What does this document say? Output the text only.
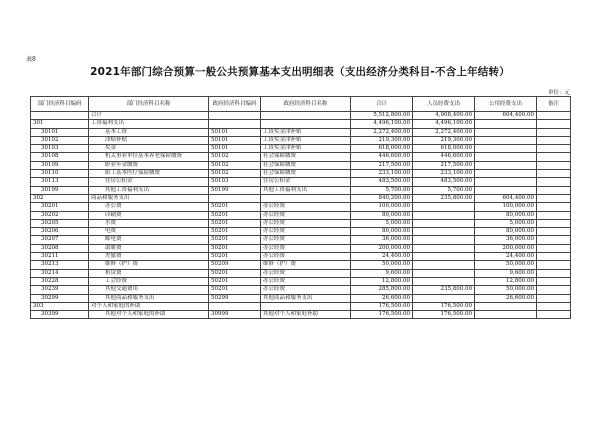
表8
2021年部门综合预算一般公共预算基本支出明细表（支出经济分类科目-不含上年结转）
单位：元
部门经济科目编码	部门经济科目名称	政府经济科目编码	政府经济科目名称	合计	人员经费支出	公用经费支出	备注
	合计			5,512,800.00	4,908,400.00	604,400.00	
301	工资福利支出			4,496,100.00	4,496,100.00		
30101	基本工资	50101	工资奖金津补贴	2,272,400.00	2,272,400.00		
30102	津贴补贴	50101	工资奖金津补贴	219,300.00	219,300.00		
30103	奖金	50101	工资奖金津补贴	618,000.00	618,000.00		
30108	机关事业单位基本养老保险缴费	50102	社会保障缴费	446,600.00	446,600.00		
30109	职业年金缴费	50102	社会保障缴费	217,500.00	217,500.00		
30110	职工基本医疗保险缴费	50102	社会保障缴费	233,100.00	233,100.00		
30113	住房公积金	50103	住房公积金	483,500.00	483,500.00		
30199	其他工资福利支出	50199	其他工资福利支出	5,700.00	5,700.00		
302	商品和服务支出			840,200.00	235,800.00	604,400.00	
30201	办公费	50201	办公经费	100,000.00		100,000.00	
30202	印刷费	50201	办公经费	80,000.00		80,000.00	
30205	水费	50201	办公经费	5,000.00		5,000.00	
30206	电费	50201	办公经费	80,000.00		80,000.00	
30207	邮电费	50201	办公经费	36,000.00		36,000.00	
30208	取暖费	50201	办公经费	200,000.00		200,000.00	
30211	差旅费	50201	办公经费	24,400.00		24,400.00	
30213	维修（护）费	50209	维修（护）费	50,000.00		50,000.00	
30214	租赁费	50201	办公经费	9,600.00		9,600.00	
30228	工会经费	50201	办公经费	12,800.00		12,800.00	
30239	其他交通费用	50201	办公经费	285,800.00	235,800.00	50,000.00	
30299	其他商品和服务支出	50299	其他商品和服务支出	26,600.00		26,600.00	
303	对个人和家庭的补助			176,500.00	176,500.00		
30399	其他对个人和家庭的补助	30999	其他对个人和家庭补助	176,500.00	176,500.00		
